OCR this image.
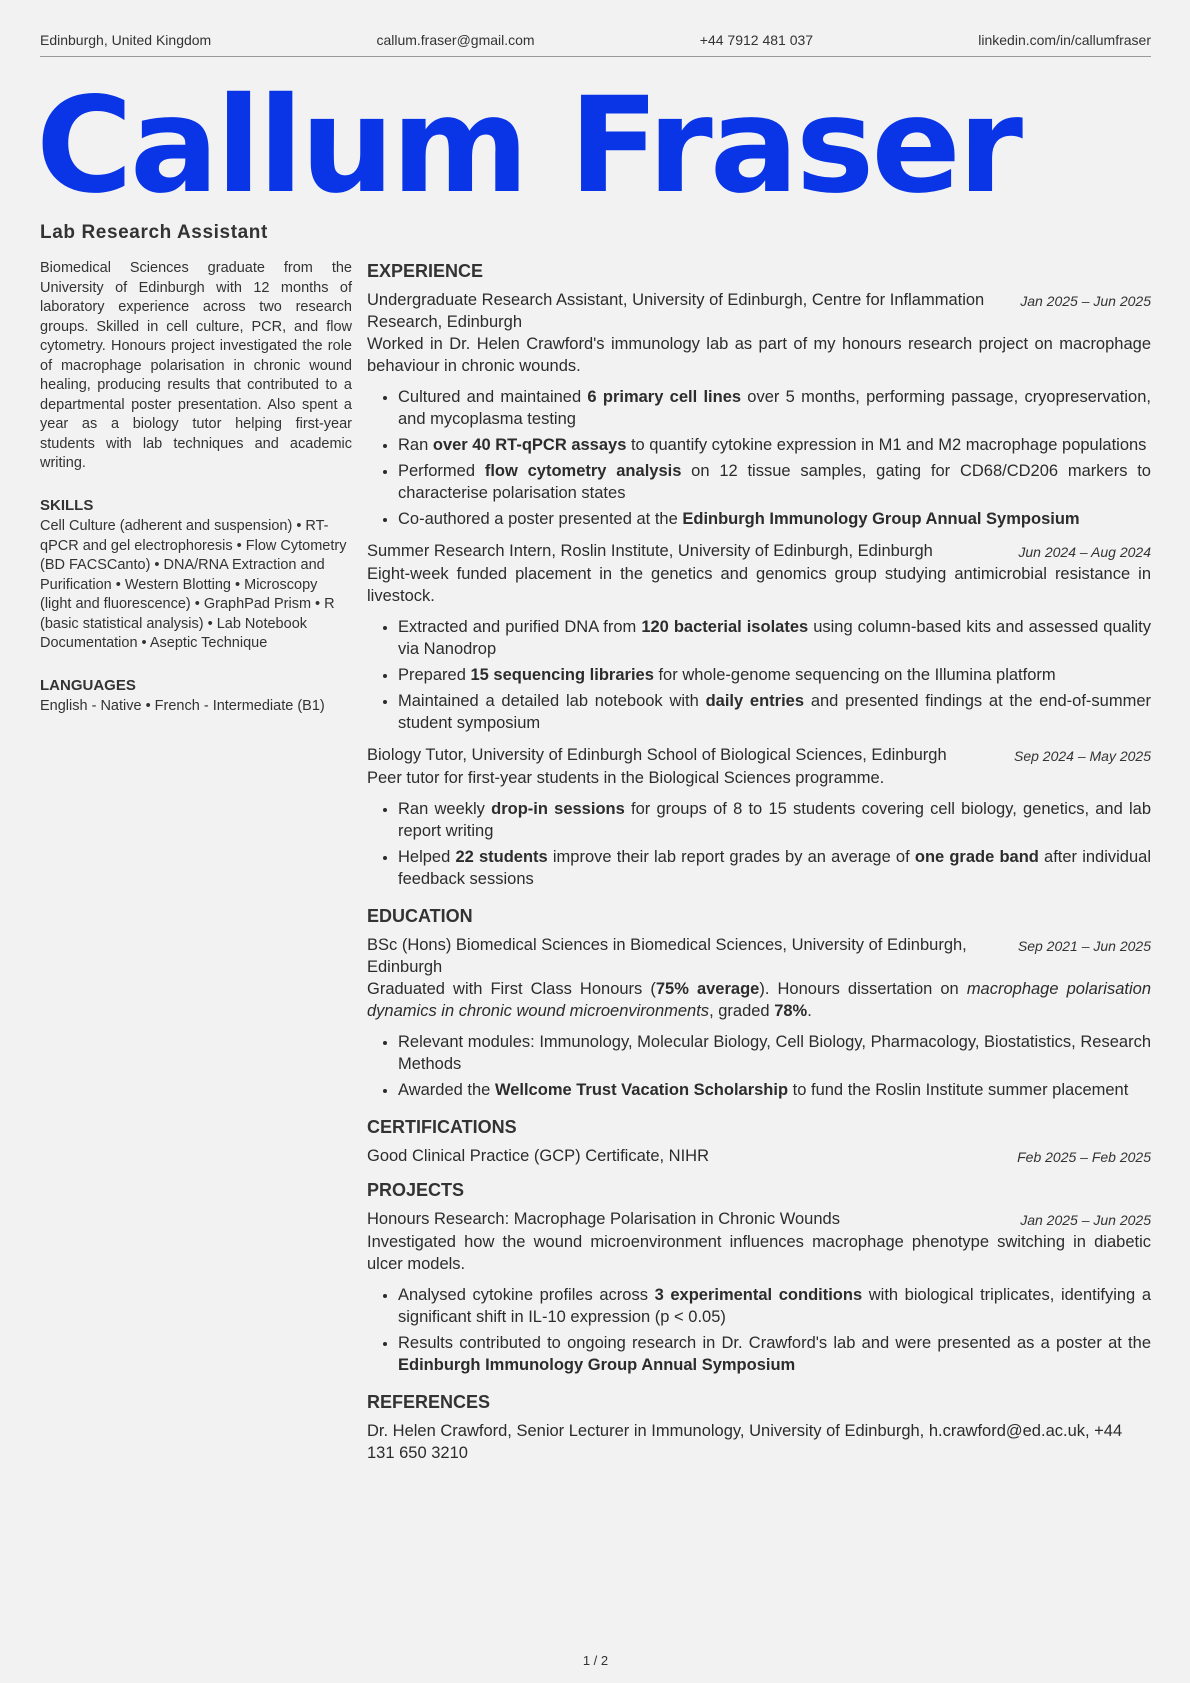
Edinburgh, United Kingdom	callum.fraser@gmail.com	+44 7912 481 037	linkedin.com/in/callumfraser
Callum Fraser
Lab Research Assistant

Biomedical Sciences graduate from the University of Edinburgh with 12 months of laboratory experience across two research groups. Skilled in cell culture, PCR, and flow cytometry. Honours project investigated the role of macrophage polarisation in chronic wound healing, producing results that contributed to a departmental poster presentation. Also spent a year as a biology tutor helping first-year students with lab techniques and academic writing.

SKILLS

Cell Culture (adherent and suspension) • RT-qPCR and gel electrophoresis • Flow Cytometry (BD FACSCanto) • DNA/RNA Extraction and Purification • Western Blotting • Microscopy (light and fluorescence) • GraphPad Prism • R (basic statistical analysis) • Lab Notebook Documentation • Aseptic Technique

LANGUAGES

English - Native • French - Intermediate (B1)

EXPERIENCE
Undergraduate Research Assistant, University of Edinburgh, Centre for Inflammation Research, Edinburgh
Jan 2025 – Jun 2025
Worked in Dr. Helen Crawford's immunology lab as part of my honours research project on macrophage behaviour in chronic wounds.
• Cultured and maintained 6 primary cell lines over 5 months, performing passage, cryopreservation, and mycoplasma testing
• Ran over 40 RT-qPCR assays to quantify cytokine expression in M1 and M2 macrophage populations
• Performed flow cytometry analysis on 12 tissue samples, gating for CD68/CD206 markers to characterise polarisation states
• Co-authored a poster presented at the Edinburgh Immunology Group Annual Symposium
Summer Research Intern, Roslin Institute, University of Edinburgh, Edinburgh	Jun 2024 – Aug 2024
Eight-week funded placement in the genetics and genomics group studying antimicrobial resistance in livestock.
• Extracted and purified DNA from 120 bacterial isolates using column-based kits and assessed quality via Nanodrop
• Prepared 15 sequencing libraries for whole-genome sequencing on the Illumina platform
• Maintained a detailed lab notebook with daily entries and presented findings at the end-of-summer student symposium
Biology Tutor, University of Edinburgh School of Biological Sciences, Edinburgh	Sep 2024 – May 2025
Peer tutor for first-year students in the Biological Sciences programme.
• Ran weekly drop-in sessions for groups of 8 to 15 students covering cell biology, genetics, and lab report writing
• Helped 22 students improve their lab report grades by an average of one grade band after individual feedback sessions
EDUCATION
BSc (Hons) Biomedical Sciences in Biomedical Sciences, University of Edinburgh, Edinburgh
Sep 2021 – Jun 2025
Graduated with First Class Honours (75% average). Honours dissertation on macrophage polarisation dynamics in chronic wound microenvironments, graded 78%.
• Relevant modules: Immunology, Molecular Biology, Cell Biology, Pharmacology, Biostatistics, Research Methods
• Awarded the Wellcome Trust Vacation Scholarship to fund the Roslin Institute summer placement
CERTIFICATIONS
Good Clinical Practice (GCP) Certificate, NIHR	Feb 2025 – Feb 2025
PROJECTS
Honours Research: Macrophage Polarisation in Chronic Wounds	Jan 2025 – Jun 2025
Investigated how the wound microenvironment influences macrophage phenotype switching in diabetic ulcer models.
• Analysed cytokine profiles across 3 experimental conditions with biological triplicates, identifying a significant shift in IL-10 expression (p < 0.05)
• Results contributed to ongoing research in Dr. Crawford's lab and were presented as a poster at the Edinburgh Immunology Group Annual Symposium
REFERENCES
Dr. Helen Crawford, Senior Lecturer in Immunology, University of Edinburgh, h.crawford@ed.ac.uk, +44 131 650 3210
1 / 2
